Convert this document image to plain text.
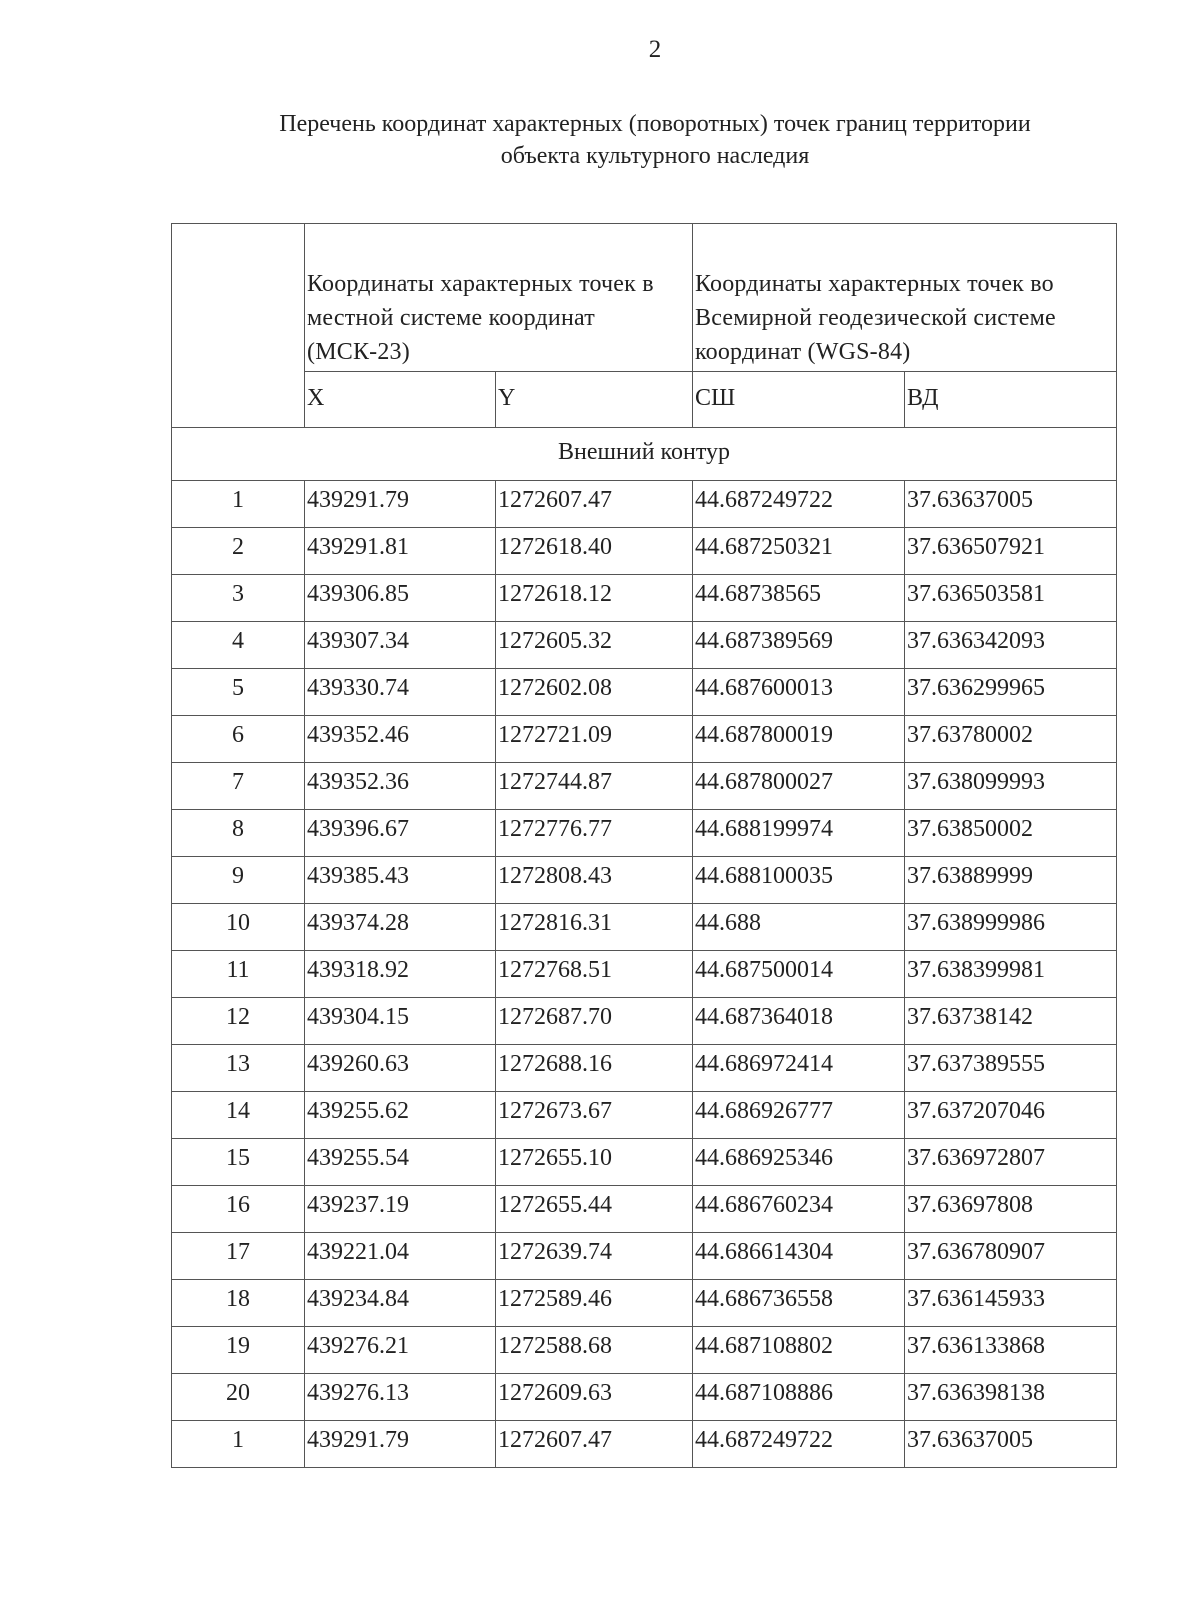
2
Перечень координат характерных (поворотных) точек границ территории
объекта культурного наследия
	Координаты характерных точек в местной системе координат (МСК-23)		Координаты характерных точек во Всемирной геодезической системе координат (WGS-84)	
	X	Y	СШ	ВД
Внешний контур				
1	439291.79	1272607.47	44.687249722	37.63637005
2	439291.81	1272618.40	44.687250321	37.636507921
3	439306.85	1272618.12	44.68738565	37.636503581
4	439307.34	1272605.32	44.687389569	37.636342093
5	439330.74	1272602.08	44.687600013	37.636299965
6	439352.46	1272721.09	44.687800019	37.63780002
7	439352.36	1272744.87	44.687800027	37.638099993
8	439396.67	1272776.77	44.688199974	37.63850002
9	439385.43	1272808.43	44.688100035	37.63889999
10	439374.28	1272816.31	44.688	37.638999986
11	439318.92	1272768.51	44.687500014	37.638399981
12	439304.15	1272687.70	44.687364018	37.63738142
13	439260.63	1272688.16	44.686972414	37.637389555
14	439255.62	1272673.67	44.686926777	37.637207046
15	439255.54	1272655.10	44.686925346	37.636972807
16	439237.19	1272655.44	44.686760234	37.63697808
17	439221.04	1272639.74	44.686614304	37.636780907
18	439234.84	1272589.46	44.686736558	37.636145933
19	439276.21	1272588.68	44.687108802	37.636133868
20	439276.13	1272609.63	44.687108886	37.636398138
1	439291.79	1272607.47	44.687249722	37.63637005
